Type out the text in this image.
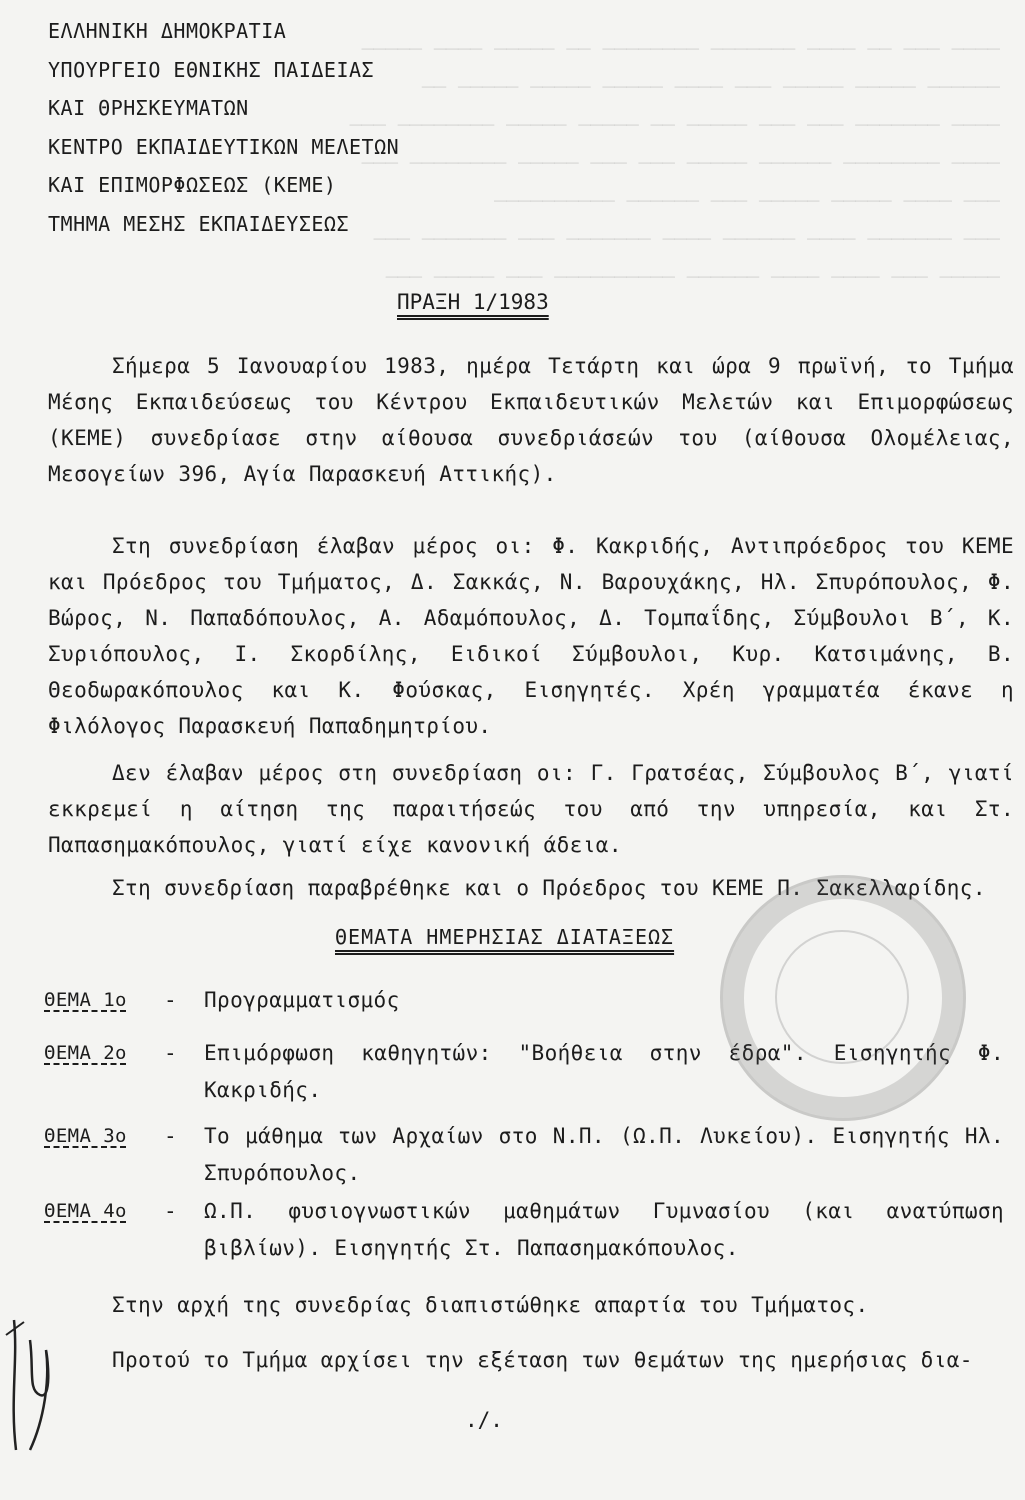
──── ─── ── ──── ─────── ──────── ── ───── ──── ─────
────── ───── ───── ─── ──── ───── ───── ───── ──
──── ─────── ─── ─── ───── ── ───── ───── ──────── ───
──── ──────── ────── ───── ─── ─── ───── ──────── ───
─── ──── ───── ───── ─── ────── ──────────
─── ─────── ──── ────── ──── ─────── ─── ─────── ───
───── ─── ──── ──── ────── ────────── ─── ───── ───
ΕΛΛΗΝΙΚΗ ΔΗΜΟΚΡΑΤΙΑ
ΥΠΟΥΡΓΕΙΟ ΕΘΝΙΚΗΣ ΠΑΙΔΕΙΑΣ
ΚΑΙ ΘΡΗΣΚΕΥΜΑΤΩΝ
ΚΕΝΤΡΟ ΕΚΠΑΙΔΕΥΤΙΚΩΝ ΜΕΛΕΤΩΝ
ΚΑΙ ΕΠΙΜΟΡΦΩΣΕΩΣ (ΚΕΜΕ)
ΤΜΗΜΑ ΜΕΣΗΣ ΕΚΠΑΙΔΕΥΣΕΩΣ
ΠΡΑΞΗ 1/1983
Σήμερα 5 Ιανουαρίου 1983, ημέρα Τετάρτη και ώρα 9 πρωϊνή, το Τμήμα Μέσης Εκπαιδεύσεως του Κέντρου Εκπαιδευτικών Μελετών και Επιμορφώσεως (ΚΕΜΕ) συνεδρίασε στην αίθουσα συνεδριάσεών του (αίθουσα Ολομέλειας, Μεσογείων 396, Αγία Παρασκευή Αττικής).
Στη συνεδρίαση έλαβαν μέρος οι: Φ. Κακριδής, Αντιπρόεδρος του ΚΕΜΕ και Πρόεδρος του Τμήματος, Δ. Σακκάς, Ν. Βαρουχάκης, Ηλ. Σπυρόπουλος, Φ. Βώρος, Ν. Παπαδόπουλος, Α. Αδαμόπουλος, Δ. Τομπαΐδης, Σύμβουλοι Β΄, Κ. Συριόπουλος, Ι. Σκορδίλης, Ειδικοί Σύμβουλοι, Κυρ. Κατσιμάνης, Β. Θεοδωρακόπουλος και Κ. Φούσκας, Εισηγητές. Χρέη γραμματέα έκανε η Φιλόλογος Παρασκευή Παπαδημητρίου.
Δεν έλαβαν μέρος στη συνεδρίαση οι: Γ. Γρατσέας, Σύμβουλος Β΄, γιατί εκκρεμεί η αίτηση της παραιτήσεώς του από την υπηρεσία, και Στ. Παπασημακόπουλος, γιατί είχε κανονική άδεια.
Στη συνεδρίαση παραβρέθηκε και ο Πρόεδρος του ΚΕΜΕ Π. Σακελλαρίδης.
ΘΕΜΑΤΑ ΗΜΕΡΗΣΙΑΣ ΔΙΑΤΑΞΕΩΣ
ΘΕΜΑ 1ο - Προγραμματισμός
ΘΕΜΑ 2ο - Επιμόρφωση καθηγητών: "Βοήθεια στην έδρα". Εισηγητής Φ. Κακριδής.
ΘΕΜΑ 3ο - Το μάθημα των Αρχαίων στο Ν.Π. (Ω.Π. Λυκείου). Εισηγητής Ηλ. Σπυρόπουλος.
ΘΕΜΑ 4ο - Ω.Π. φυσιογνωστικών μαθημάτων Γυμνασίου (και ανατύπωση βιβλίων). Εισηγητής Στ. Παπασημακόπουλος.
Στην αρχή της συνεδρίας διαπιστώθηκε απαρτία του Τμήματος.
Προτού το Τμήμα αρχίσει την εξέταση των θεμάτων της ημερήσιας δια-
./.
